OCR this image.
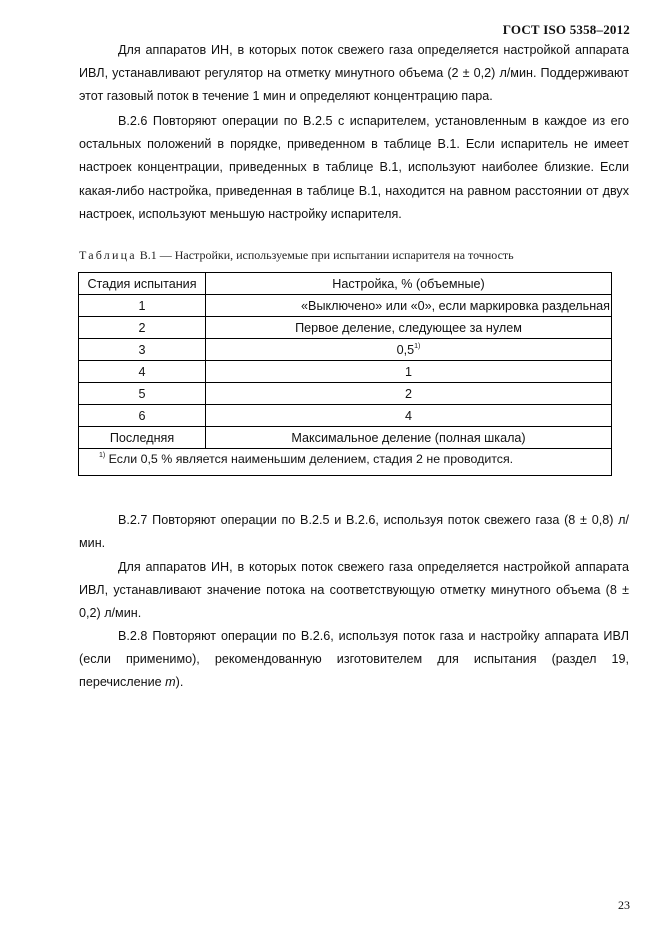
ГОСТ ISO 5358–2012

Для аппаратов ИН, в которых поток свежего газа определяется настройкой аппарата ИВЛ, устанавливают регулятор на отметку минутного объема (2 ± 0,2) л/мин. Поддерживают этот газовый поток в течение 1 мин и определяют концентрацию пара.

В.2.6 Повторяют операции по В.2.5 с испарителем, установленным в каждое из его остальных положений в порядке, приведенном в таблице В.1. Если испаритель не имеет настроек концентрации, приведенных в таблице В.1, используют наиболее близкие. Если какая-либо настройка, приведенная в таблице В.1, находится на равном расстоянии от двух настроек, используют меньшую настройку испарителя.

Таблица В.1 — Настройки, используемые при испытании испарителя на точность
Стадия испытания	Настройка, % (объемные)
1	«Выключено» или «0», если маркировка раздельная
2	Первое деление, следующее за нулем
3	0,5$^{1)}$
4	1
5	2
6	4
Последняя	Максимальное деление (полная шкала)
$^{1)}$ Если 0,5 % является наименьшим делением, стадия 2 не проводится.	

В.2.7 Повторяют операции по В.2.5 и В.2.6, используя поток свежего газа (8 ± 0,8) л/мин.

Для аппаратов ИН, в которых поток свежего газа определяется настройкой аппарата ИВЛ, устанавливают значение потока на соответствующую отметку минутного объема (8 ± 0,2) л/мин.

В.2.8 Повторяют операции по В.2.6, используя поток газа и настройку аппарата ИВЛ (если применимо), рекомендованную изготовителем для испытания (раздел 19, перечисление m).

23
